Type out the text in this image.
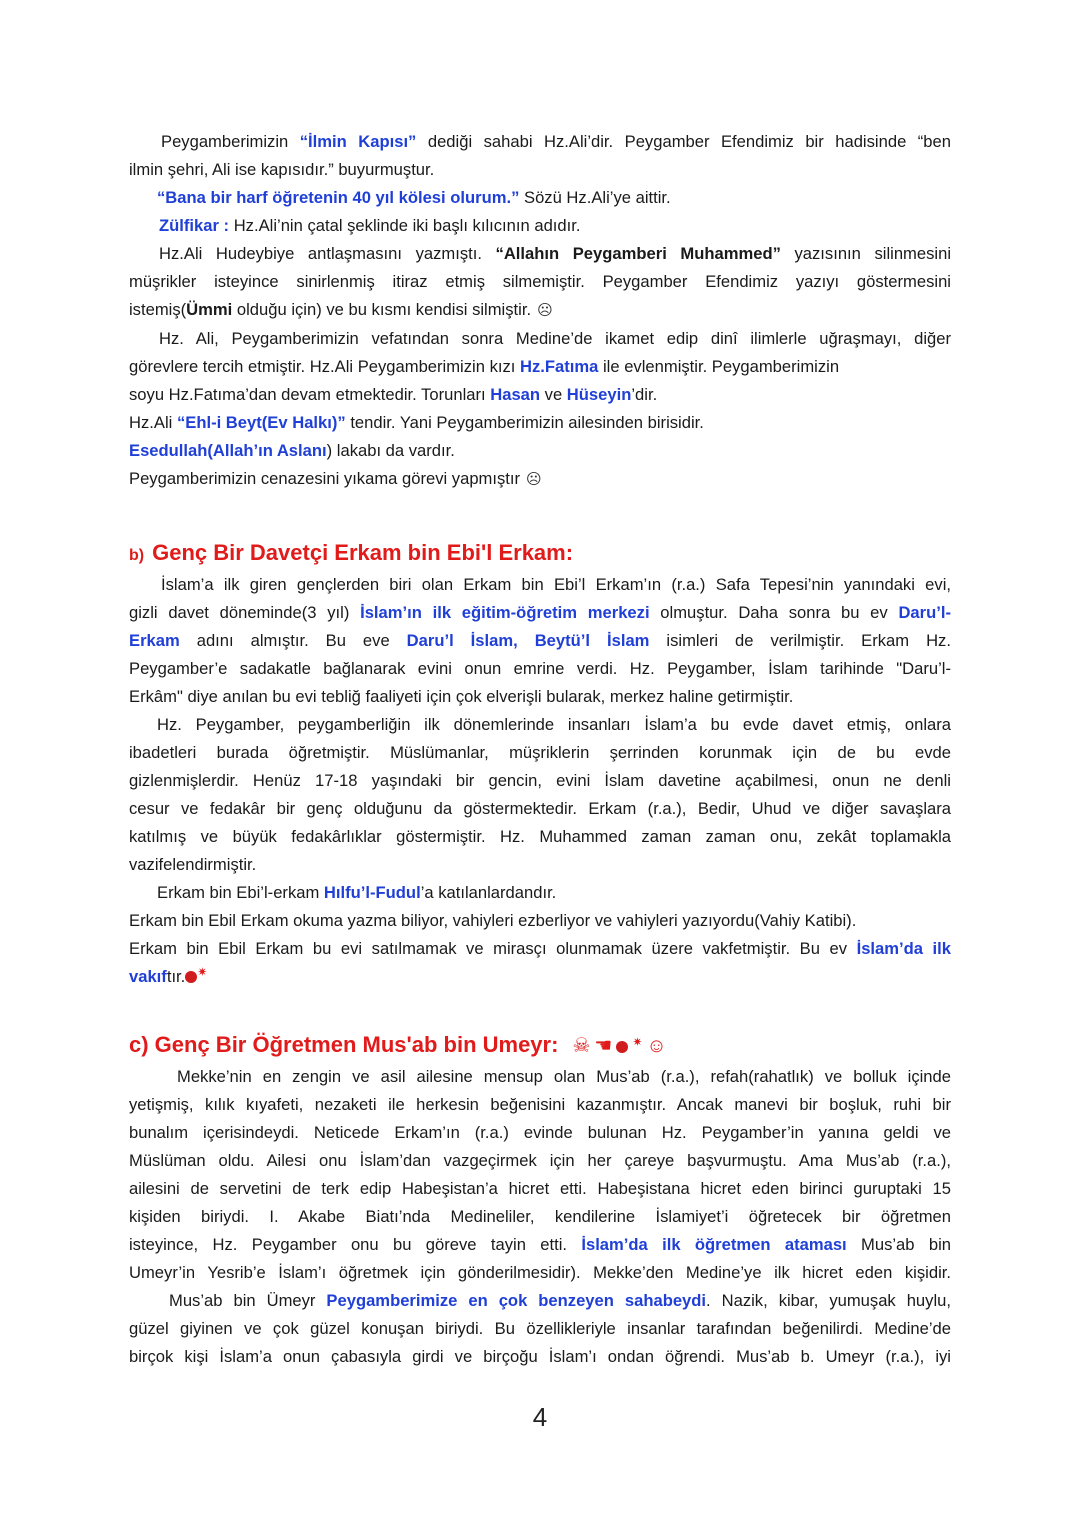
Peygamberimizin “İlmin Kapısı” dediği sahabi Hz.Ali’dir. Peygamber Efendimiz bir hadisinde “ben
ilmin şehri, Ali ise kapısıdır.” buyurmuştur.
“Bana bir harf öğretenin 40 yıl kölesi olurum.” Sözü Hz.Ali’ye aittir.
Zülfikar : Hz.Ali’nin çatal şeklinde iki başlı kılıcının adıdır.
Hz.Ali Hudeybiye antlaşmasını yazmıştı. “Allahın Peygamberi Muhammed” yazısının silinmesini
müşrikler isteyince sinirlenmiş itiraz etmiş silmemiştir. Peygamber Efendimiz yazıyı göstermesini
istemiş(Ümmi olduğu için) ve bu kısmı kendisi silmiştir. ☹
Hz. Ali, Peygamberimizin vefatından sonra Medine’de ikamet edip dinî ilimlerle uğraşmayı, diğer
görevlere tercih etmiştir. Hz.Ali Peygamberimizin kızı Hz.Fatıma ile evlenmiştir. Peygamberimizin
soyu Hz.Fatıma’dan devam etmektedir. Torunları Hasan ve Hüseyin’dir.
Hz.Ali “Ehl-i Beyt(Ev Halkı)” tendir. Yani Peygamberimizin ailesinden birisidir.
Esedullah(Allah’ın Aslanı) lakabı da vardır.
Peygamberimizin cenazesini yıkama görevi yapmıştır ☹
b) Genç Bir Davetçi Erkam bin Ebi'l Erkam:
İslam’a ilk giren gençlerden biri olan Erkam bin Ebi’l Erkam’ın (r.a.) Safa Tepesi’nin yanındaki evi,
gizli davet döneminde(3 yıl) İslam’ın ilk eğitim-öğretim merkezi olmuştur. Daha sonra bu ev Daru’l-
Erkam adını almıştır. Bu eve Daru’l İslam, Beytü’l İslam isimleri de verilmiştir. Erkam Hz.
Peygamber’e sadakatle bağlanarak evini onun emrine verdi. Hz. Peygamber, İslam tarihinde "Daru’l-
Erkâm" diye anılan bu evi tebliğ faaliyeti için çok elverişli bularak, merkez haline getirmiştir.
Hz. Peygamber, peygamberliğin ilk dönemlerinde insanları İslam’a bu evde davet etmiş, onlara
ibadetleri burada öğretmiştir. Müslümanlar, müşriklerin şerrinden korunmak için de bu evde
gizlenmişlerdir. Henüz 17-18 yaşındaki bir gencin, evini İslam davetine açabilmesi, onun ne denli
cesur ve fedakâr bir genç olduğunu da göstermektedir. Erkam (r.a.), Bedir, Uhud ve diğer savaşlara
katılmış ve büyük fedakârlıklar göstermiştir. Hz. Muhammed zaman zaman onu, zekât toplamakla
vazifelendirmiştir.
Erkam bin Ebi’l-erkam Hılfu’l-Fudul’a katılanlardandır.
Erkam bin Ebil Erkam okuma yazma biliyor, vahiyleri ezberliyor ve vahiyleri yazıyordu(Vahiy Katibi).
Erkam bin Ebil Erkam bu evi satılmamak ve mirasçı olunmamak üzere vakfetmiştir. Bu ev İslam’da ilk
vakıftır. ✷
c) Genç Bir Öğretmen Mus'ab bin Umeyr: ☠ ☚ ✷ ☺
Mekke’nin en zengin ve asil ailesine mensup olan Mus’ab (r.a.), refah(rahatlık) ve bolluk içinde
yetişmiş, kılık kıyafeti, nezaketi ile herkesin beğenisini kazanmıştır. Ancak manevi bir boşluk, ruhi bir
bunalım içerisindeydi. Neticede Erkam’ın (r.a.) evinde bulunan Hz. Peygamber’in yanına geldi ve
Müslüman oldu. Ailesi onu İslam’dan vazgeçirmek için her çareye başvurmuştu. Ama Mus’ab (r.a.),
ailesini de servetini de terk edip Habeşistan’a hicret etti. Habeşistana hicret eden birinci guruptaki 15
kişiden biriydi. I. Akabe Biatı’nda Medineliler, kendilerine İslamiyet’i öğretecek bir öğretmen
isteyince, Hz. Peygamber onu bu göreve tayin etti. İslam’da ilk öğretmen ataması Mus’ab bin
Umeyr’in Yesrib’e İslam’ı öğretmek için gönderilmesidir). Mekke’den Medine’ye ilk hicret eden kişidir.
Mus’ab bin Ümeyr Peygamberimize en çok benzeyen sahabeydi. Nazik, kibar, yumuşak huylu,
güzel giyinen ve çok güzel konuşan biriydi. Bu özellikleriyle insanlar tarafından beğenilirdi. Medine’de
birçok kişi İslam’a onun çabasıyla girdi ve birçoğu İslam’ı ondan öğrendi. Mus’ab b. Umeyr (r.a.), iyi
4
